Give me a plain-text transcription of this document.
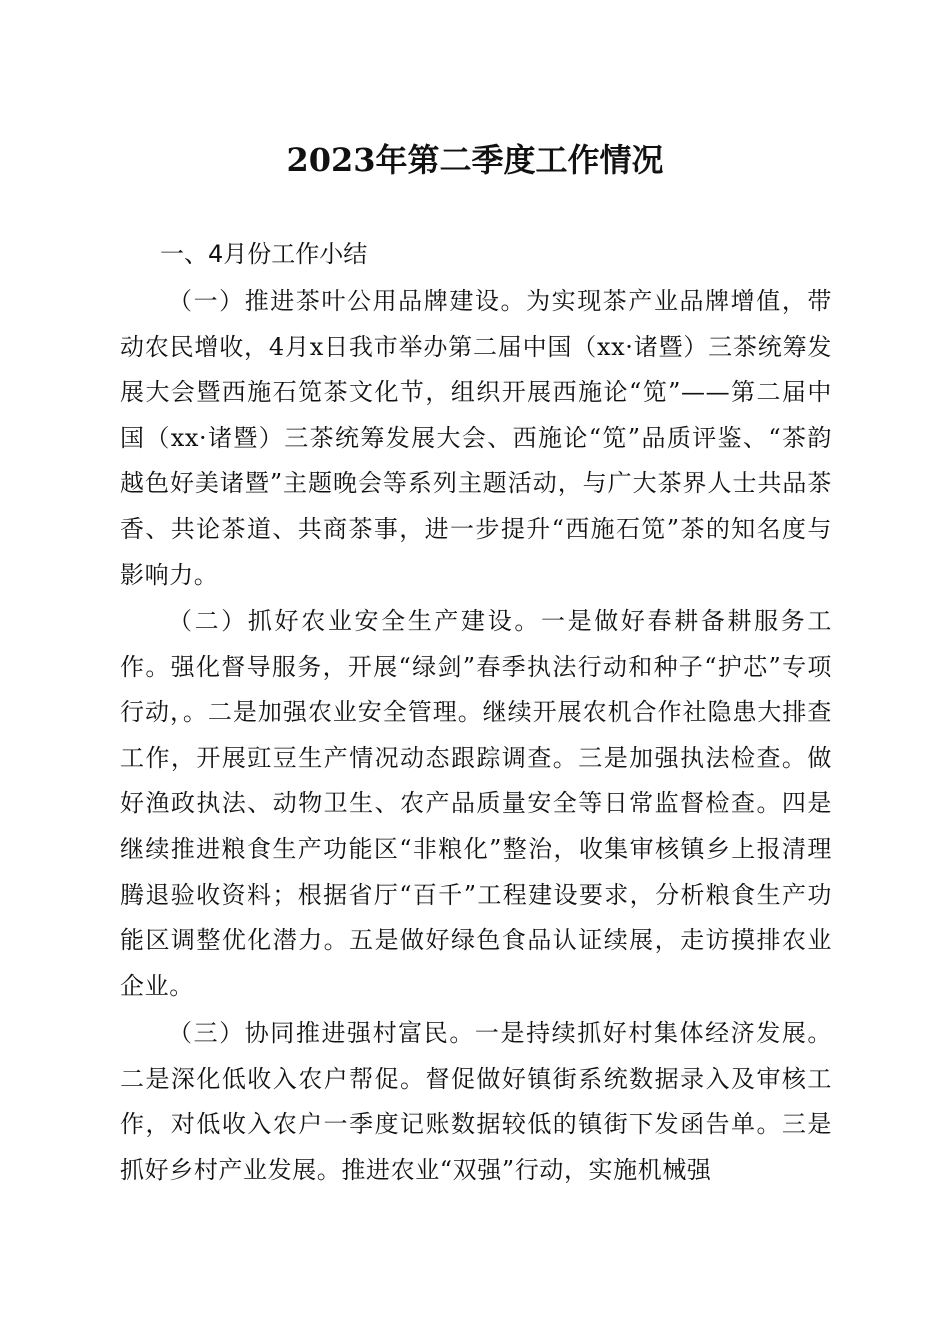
2023年第二季度工作情况
一、4月份工作小结

（一）推进茶叶公用品牌建设。为实现茶产业品牌增值，带动农民增收，4月x日我市举办第二届中国（xx·诸暨）三茶统筹发展大会暨西施石笕茶文化节，组织开展西施论“笕”——第二届中国（xx·诸暨）三茶统筹发展大会、西施论“笕”品质评鉴、“茶韵越色好美诸暨”主题晚会等系列主题活动，与广大茶界人士共品茶香、共论茶道、共商茶事，进一步提升“西施石笕”茶的知名度与影响力。

（二）抓好农业安全生产建设。一是做好春耕备耕服务工作。强化督导服务，开展“绿剑”春季执法行动和种子“护芯”专项行动，。二是加强农业安全管理。继续开展农机合作社隐患大排查工作，开展豇豆生产情况动态跟踪调查。三是加强执法检查。做好渔政执法、动物卫生、农产品质量安全等日常监督检查。四是继续推进粮食生产功能区“非粮化”整治，收集审核镇乡上报清理腾退验收资料；根据省厅“百千”工程建设要求，分析粮食生产功能区调整优化潜力。五是做好绿色食品认证续展，走访摸排农业企业。

（三）协同推进强村富民。一是持续抓好村集体经济发展。二是深化低收入农户帮促。督促做好镇街系统数据录入及审核工作，对低收入农户一季度记账数据较低的镇街下发函告单。三是抓好乡村产业发展。推进农业“双强”行动，实施机械强
